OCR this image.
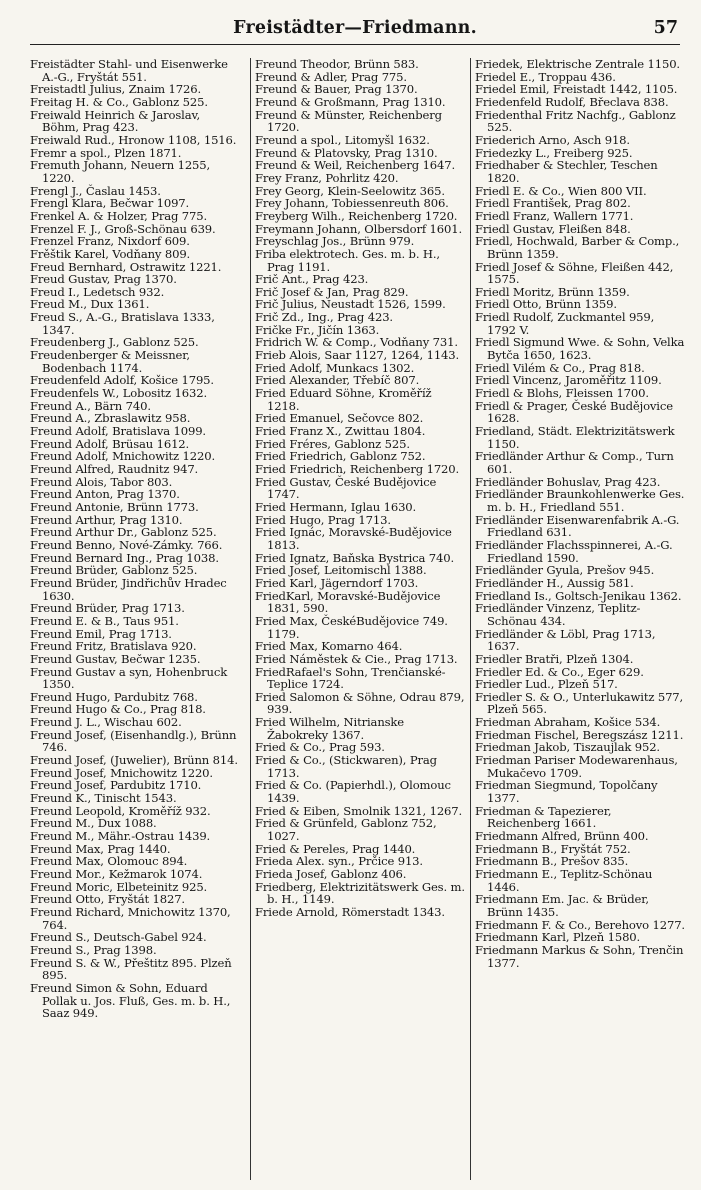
Freistädter—Friedmann.	57
Freistädter Stahl- und Eisenwerke A.-G., Fryštát 551.
Freistadtl Julius, Znaim 1726.
Freitag H. & Co., Gablonz 525.
Freiwald Heinrich & Jaroslav, Böhm, Prag 423.
Freiwald Rud., Hronow 1108, 1516.
Fremr a spol., Plzen 1871.
Fremuth Johann, Neuern 1255, 1220.
Frengl J., Časlau 1453.
Frengl Klara, Bečwar 1097.
Frenkel A. & Holzer, Prag 775.
Frenzel F. J., Groß-Schönau 639.
Frenzel Franz, Nixdorf 609.
Frěštik Karel, Vodňany 809.
Freud Bernhard, Ostrawitz 1221.
Freud Gustav, Prag 1370.
Freud I., Ledetsch 932.
Freud M., Dux 1361.
Freud S., A.-G., Bratislava 1333, 1347.
Freudenberg J., Gablonz 525.
Freudenberger & Meissner, Bodenbach 1174.
Freudenfeld Adolf, Košice 1795.
Freudenfels W., Lobositz 1632.
Freund A., Bärn 740.
Freund A., Zbraslawitz 958.
Freund Adolf, Bratislava 1099.
Freund Adolf, Brüsau 1612.
Freund Adolf, Mnichowitz 1220.
Freund Alfred, Raudnitz 947.
Freund Alois, Tabor 803.
Freund Anton, Prag 1370.
Freund Antonie, Brünn 1773.
Freund Arthur, Prag 1310.
Freund Arthur Dr., Gablonz 525.
Freund Benno, Nové-Zámky. 766.
Freund Bernard Ing., Prag 1038.
Freund Brüder, Gablonz 525.
Freund Brüder, Jindřichův Hradec 1630.
Freund Brüder, Prag 1713.
Freund E. & B., Taus 951.
Freund Emil, Prag 1713.
Freund Fritz, Bratislava 920.
Freund Gustav, Bečwar 1235.
Freund Gustav a syn, Hohenbruck 1350.
Freund Hugo, Pardubitz 768.
Freund Hugo & Co., Prag 818.
Freund J. L., Wischau 602.
Freund Josef, (Eisenhandlg.), Brünn 746.
Freund Josef, (Juwelier), Brünn 814.
Freund Josef, Mnichowitz 1220.
Freund Josef, Pardubitz 1710.
Freund K., Tinischt 1543.
Freund Leopold, Kroměříž 932.
Freund M., Dux 1088.
Freund M., Mähr.-Ostrau 1439.
Freund Max, Prag 1440.
Freund Max, Olomouc 894.
Freund Mor., Kežmarok 1074.
Freund Moric, Elbeteinitz 925.
Freund Otto, Fryštát 1827.
Freund Richard, Mnichowitz 1370, 764.
Freund S., Deutsch-Gabel 924.
Freund S., Prag 1398.
Freund S. & W., Přeštitz 895. Plzeň 895.
Freund Simon & Sohn, Eduard Pollak u. Jos. Fluß, Ges. m. b. H., Saaz 949.
Freund Theodor, Brünn 583.
Freund & Adler, Prag 775.
Freund & Bauer, Prag 1370.
Freund & Großmann, Prag 1310.
Freund & Münster, Reichenberg 1720.
Freund a spol., Litomyšl 1632.
Freund & Platovsky, Prag 1310.
Freund & Weil, Reichenberg 1647.
Frey Franz, Pohrlitz 420.
Frey Georg, Klein-Seelowitz 365.
Frey Johann, Tobiessenreuth 806.
Freyberg Wilh., Reichenberg 1720.
Freymann Johann, Olbersdorf 1601.
Freyschlag Jos., Brünn 979.
Friba elektrotech. Ges. m. b. H., Prag 1191.
Frič Ant., Prag 423.
Frič Josef & Jan, Prag 829.
Frič Julius, Neustadt 1526, 1599.
Frič Zd., Ing., Prag 423.
Fričke Fr., Jičín 1363.
Fridrich W. & Comp., Vodňany 731.
Frieb Alois, Saar 1127, 1264, 1143.
Fried Adolf, Munkacs 1302.
Fried Alexander, Třebíč 807.
Fried Eduard Söhne, Kroměříž 1218.
Fried Emanuel, Sečovce 802.
Fried Franz X., Zwittau 1804.
Fried Fréres, Gablonz 525.
Fried Friedrich, Gablonz 752.
Fried Friedrich, Reichenberg 1720.
Fried Gustav, České Budějovice 1747.
Fried Hermann, Iglau 1630.
Fried Hugo, Prag 1713.
Fried Ignác, Moravské-Budějovice 1813.
Fried Ignatz, Baňska Bystrica 740.
Fried Josef, Leitomischl 1388.
Fried Karl, Jägerndorf 1703.
FriedKarl, Moravské-Budějovice 1831, 590.
Fried Max, ČeskéBudějovice 749. 1179.
Fried Max, Komarno 464.
Fried Náměstek & Cie., Prag 1713.
FriedRafael's Sohn, Trenčianské-Teplice 1724.
Fried Salomon & Söhne, Odrau 879, 939.
Fried Wilhelm, Nitrianske Žabokreky 1367.
Fried & Co., Prag 593.
Fried & Co., (Stickwaren), Prag 1713.
Fried & Co. (Papierhdl.), Olomouc 1439.
Fried & Eiben, Smolnik 1321, 1267.
Fried & Grünfeld, Gablonz 752, 1027.
Fried & Pereles, Prag 1440.
Frieda Alex. syn., Prčice 913.
Frieda Josef, Gablonz 406.
Friedberg, Elektrizitätswerk Ges. m. b. H., 1149.
Friede Arnold, Römerstadt 1343.
Friedek, Elektrische Zentrale 1150.
Friedel E., Troppau 436.
Friedel Emil, Freistadt 1442, 1105.
Friedenfeld Rudolf, Břeclava 838.
Friedenthal Fritz Nachfg., Gablonz 525.
Friederich Arno, Asch 918.
Friedezky L., Freiberg 925.
Friedhaber & Stechler, Teschen 1820.
Friedl E. & Co., Wien 800 VII.
Friedl František, Prag 802.
Friedl Franz, Wallern 1771.
Friedl Gustav, Fleißen 848.
Friedl, Hochwald, Barber & Comp., Brünn 1359.
Friedl Josef & Söhne, Fleißen 442, 1575.
Friedl Moritz, Brünn 1359.
Friedl Otto, Brünn 1359.
Friedl Rudolf, Zuckmantel 959, 1792 V.
Friedl Sigmund Wwe. & Sohn, Velka Bytča 1650, 1623.
Friedl Vilém & Co., Prag 818.
Friedl Vincenz, Jaroměřitz 1109.
Friedl & Blohs, Fleissen 1700.
Friedl & Prager, České Budějovice 1628.
Friedland, Städt. Elektrizitätswerk 1150.
Friedländer Arthur & Comp., Turn 601.
Friedländer Bohuslav, Prag 423.
Friedländer Braunkohlenwerke Ges. m. b. H., Friedland 551.
Friedländer Eisenwarenfabrik A.-G. Friedland 631.
Friedländer Flachsspinnerei, A.-G. Friedland 1590.
Friedländer Gyula, Prešov 945.
Friedländer H., Aussig 581.
Friedland Is., Goltsch-Jenikau 1362.
Friedländer Vinzenz, Teplitz-Schönau 434.
Friedländer & Löbl, Prag 1713, 1637.
Friedler Bratři, Plzeň 1304.
Friedler Ed. & Co., Eger 629.
Friedler Lud., Plzeň 517.
Friedler S. & O., Unterlukawitz 577, Plzeň 565.
Friedman Abraham, Košice 534.
Friedman Fischel, Beregszász 1211.
Friedman Jakob, Tiszaujlak 952.
Friedman Pariser Modewarenhaus, Mukačevo 1709.
Friedman Siegmund, Topolčany 1377.
Friedman & Tapezierer, Reichenberg 1661.
Friedmann Alfred, Brünn 400.
Friedmann B., Fryštát 752.
Friedmann B., Prešov 835.
Friedmann E., Teplitz-Schönau 1446.
Friedmann Em. Jac. & Brüder, Brünn 1435.
Friedmann F. & Co., Berehovo 1277.
Friedmann Karl, Plzeň 1580.
Friedmann Markus & Sohn, Trenčin 1377.
